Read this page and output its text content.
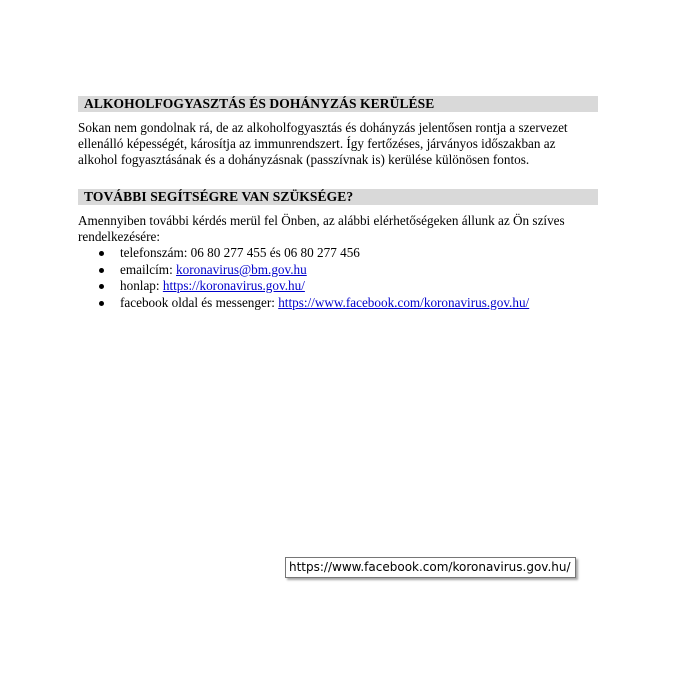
ALKOHOLFOGYASZTÁS ÉS DOHÁNYZÁS KERÜLÉSE
Sokan nem gondolnak rá, de az alkoholfogyasztás és dohányzás jelentősen rontja a szervezet
ellenálló képességét, károsítja az immunrendszert. Így fertőzéses, járványos időszakban az
alkohol fogyasztásának és a dohányzásnak (passzívnak is) kerülése különösen fontos.
TOVÁBBI SEGÍTSÉGRE VAN SZÜKSÉGE?
Amennyiben további kérdés merül fel Önben, az alábbi elérhetőségeken állunk az Ön szíves
rendelkezésére:
telefonszám: 06 80 277 455 és 06 80 277 456
emailcím: koronavirus@bm.gov.hu
honlap: https://koronavirus.gov.hu/
facebook oldal és messenger: https://www.facebook.com/koronavirus.gov.hu/
https://www.facebook.com/koronavirus.gov.hu/
